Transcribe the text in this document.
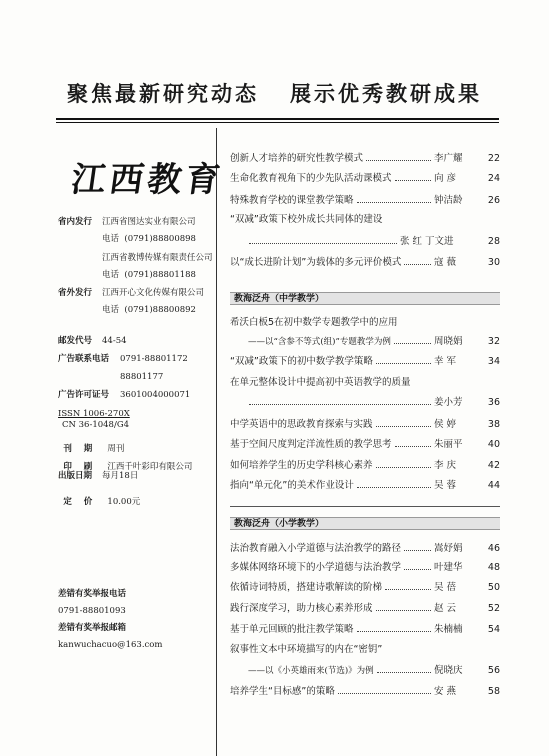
聚焦最新研究动态   展示优秀教研成果
江西教育
省内发行 江西省图达实业有限公司
电话 (0791)88800898
江西省教博传媒有限责任公司
电话 (0791)88801188
省外发行 江西开心文化传媒有限公司
电话 (0791)88800892
邮发代号 44-54
广告联系电话 0791-88801172
88801177
广告许可证号 3601004000071
ISSN 1006-270X
CN 36-1048/G4

刊    期 周刊

印    刷 江西千叶彩印有限公司

出版日期 每月18日

定    价 10.00元

差错有奖举报电话
0791-88801093
差错有奖举报邮箱
kanwuchacuo@163.com
创新人才培养的研究性教学模式	李广耀	22
生命化教育视角下的少先队活动课模式	向 彦	24
特殊教育学校的课堂教学策略	钟洁龄	26
“双减”政策下校外成长共同体的建设
张 红 丁文进	28
以“成长进阶计划”为载体的多元评价模式	寇 薇	30
教海泛舟（中学教学）
希沃白板5在初中数学专题教学中的应用
——以“含参不等式(组)”专题教学为例	周晓娟	32
“双减”政策下的初中数学教学策略	幸 军	34
在单元整体设计中提高初中英语教学的质量
姜小芳	36
中学英语中的思政教育探索与实践	侯 婷	38
基于空间尺度判定洋流性质的教学思考	朱丽平	40
如何培养学生的历史学科核心素养	李 庆	42
指向“单元化”的美术作业设计	吴 蓉	44
教海泛舟（小学教学）
法治教育融入小学道德与法治教学的路径	嵩妤娟	46
多媒体网络环境下的小学道德与法治教学	叶建华	48
依循诗词特质，搭建诗歌解读的阶梯	吴 蓓	50
践行深度学习，助力核心素养形成	赵 云	52
基于单元回顾的批注教学策略	朱楠楠	54
叙事性文本中环境描写的内在“密钥”
——以《小英雄雨来(节选)》为例	倪晓庆	56
培养学生“目标感”的策略	安 燕	58
